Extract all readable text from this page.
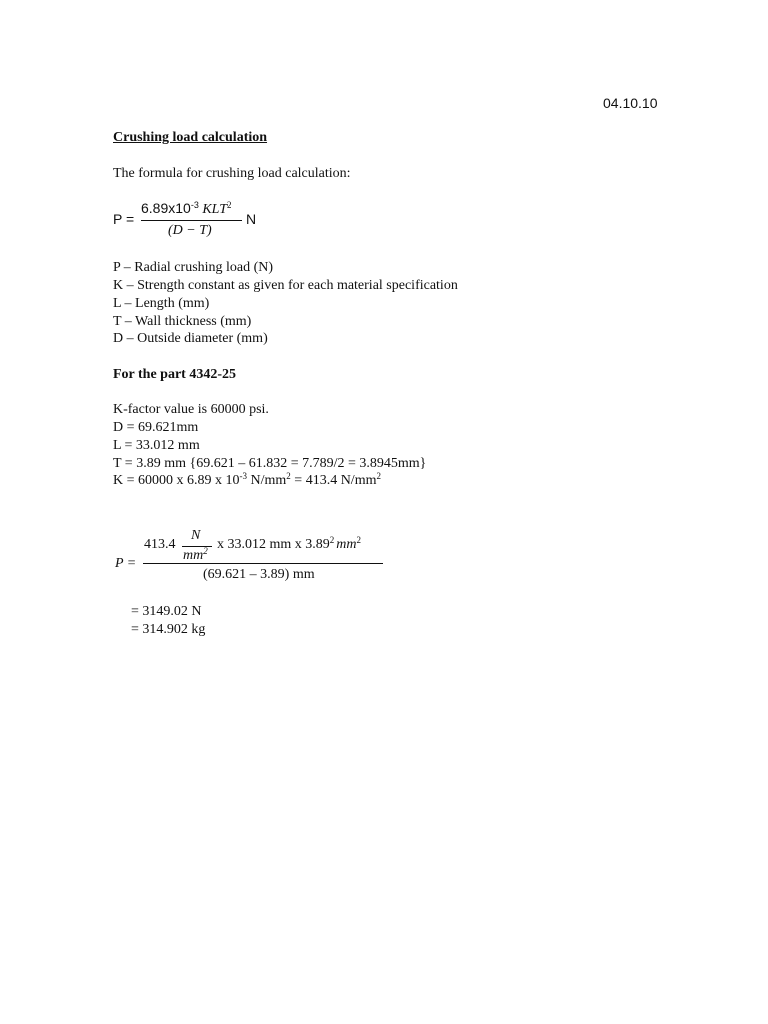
04.10.10
Crushing load calculation
The formula for crushing load calculation:
P =
$6.89x10^{-3}$ KLT$^2$
(D − T)
N
P – Radial crushing load (N)
K – Strength constant as given for each material specification
L – Length (mm)
T – Wall thickness (mm)
D – Outside diameter (mm)
For the part 4342-25
K-factor value is 60000 psi.
D = 69.621mm
L = 33.012 mm
T = 3.89 mm {69.621 – 61.832 = 7.789/2 = 3.8945mm}
K = 60000 x 6.89 x $10^{-3}$ $N/mm^2 = 413.4$ $N/mm^2$
P =
413.4
N
$mm^2$ x 33.012 mm x 3.89$^2$ $mm^2$
(69.621 – 3.89) mm
= 3149.02 N
= 314.902 kg
